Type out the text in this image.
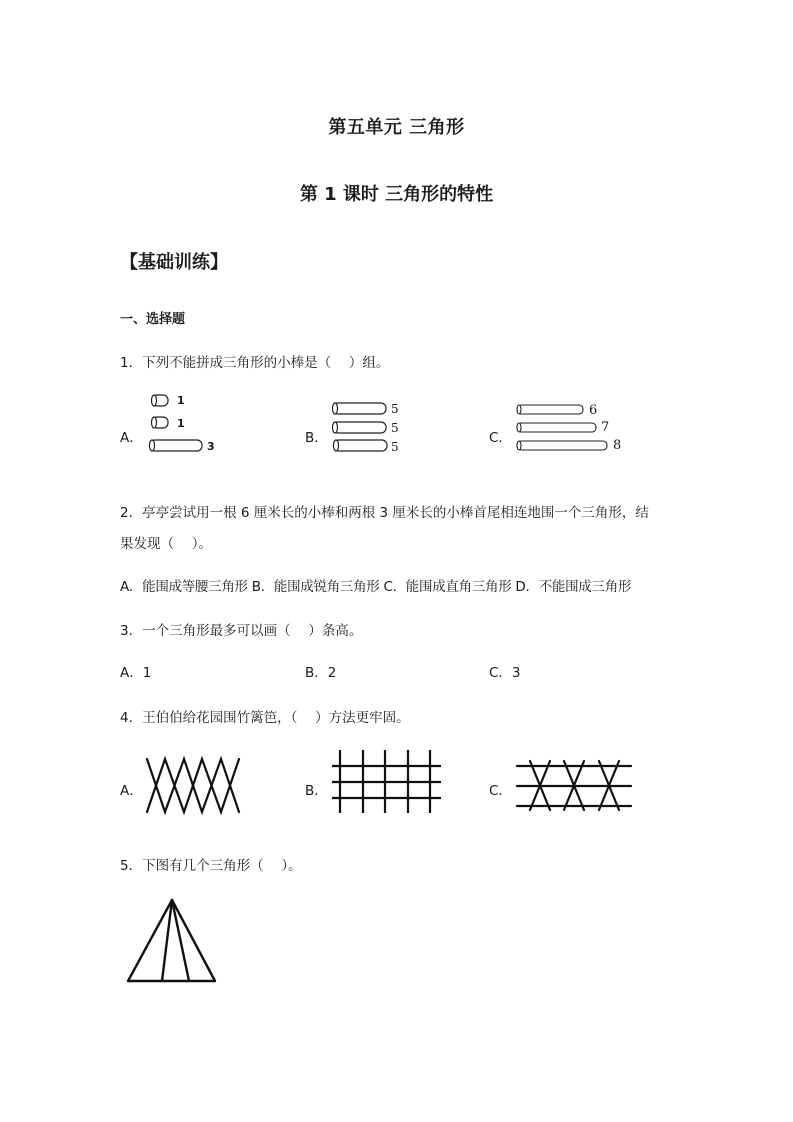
第五单元 三角形
第 1 课时 三角形的特性
【基础训练】
一、选择题
1．下列不能拼成三角形的小棒是（　 ）组。
A．
1
1
3
B．
5
5
5
C．
6
7
8
2．亭亭尝试用一根 6 厘米长的小棒和两根 3 厘米长的小棒首尾相连地围一个三角形，结
果发现（　 ）。
A．能围成等腰三角形 B．能围成锐角三角形 C．能围成直角三角形 D．不能围成三角形
3．一个三角形最多可以画（　 ）条高。
A．1	B．2	C．3
4．王伯伯给花园围竹篱笆，（　 ）方法更牢固。
A．	B．	C．
5．下图有几个三角形（　 ）。
